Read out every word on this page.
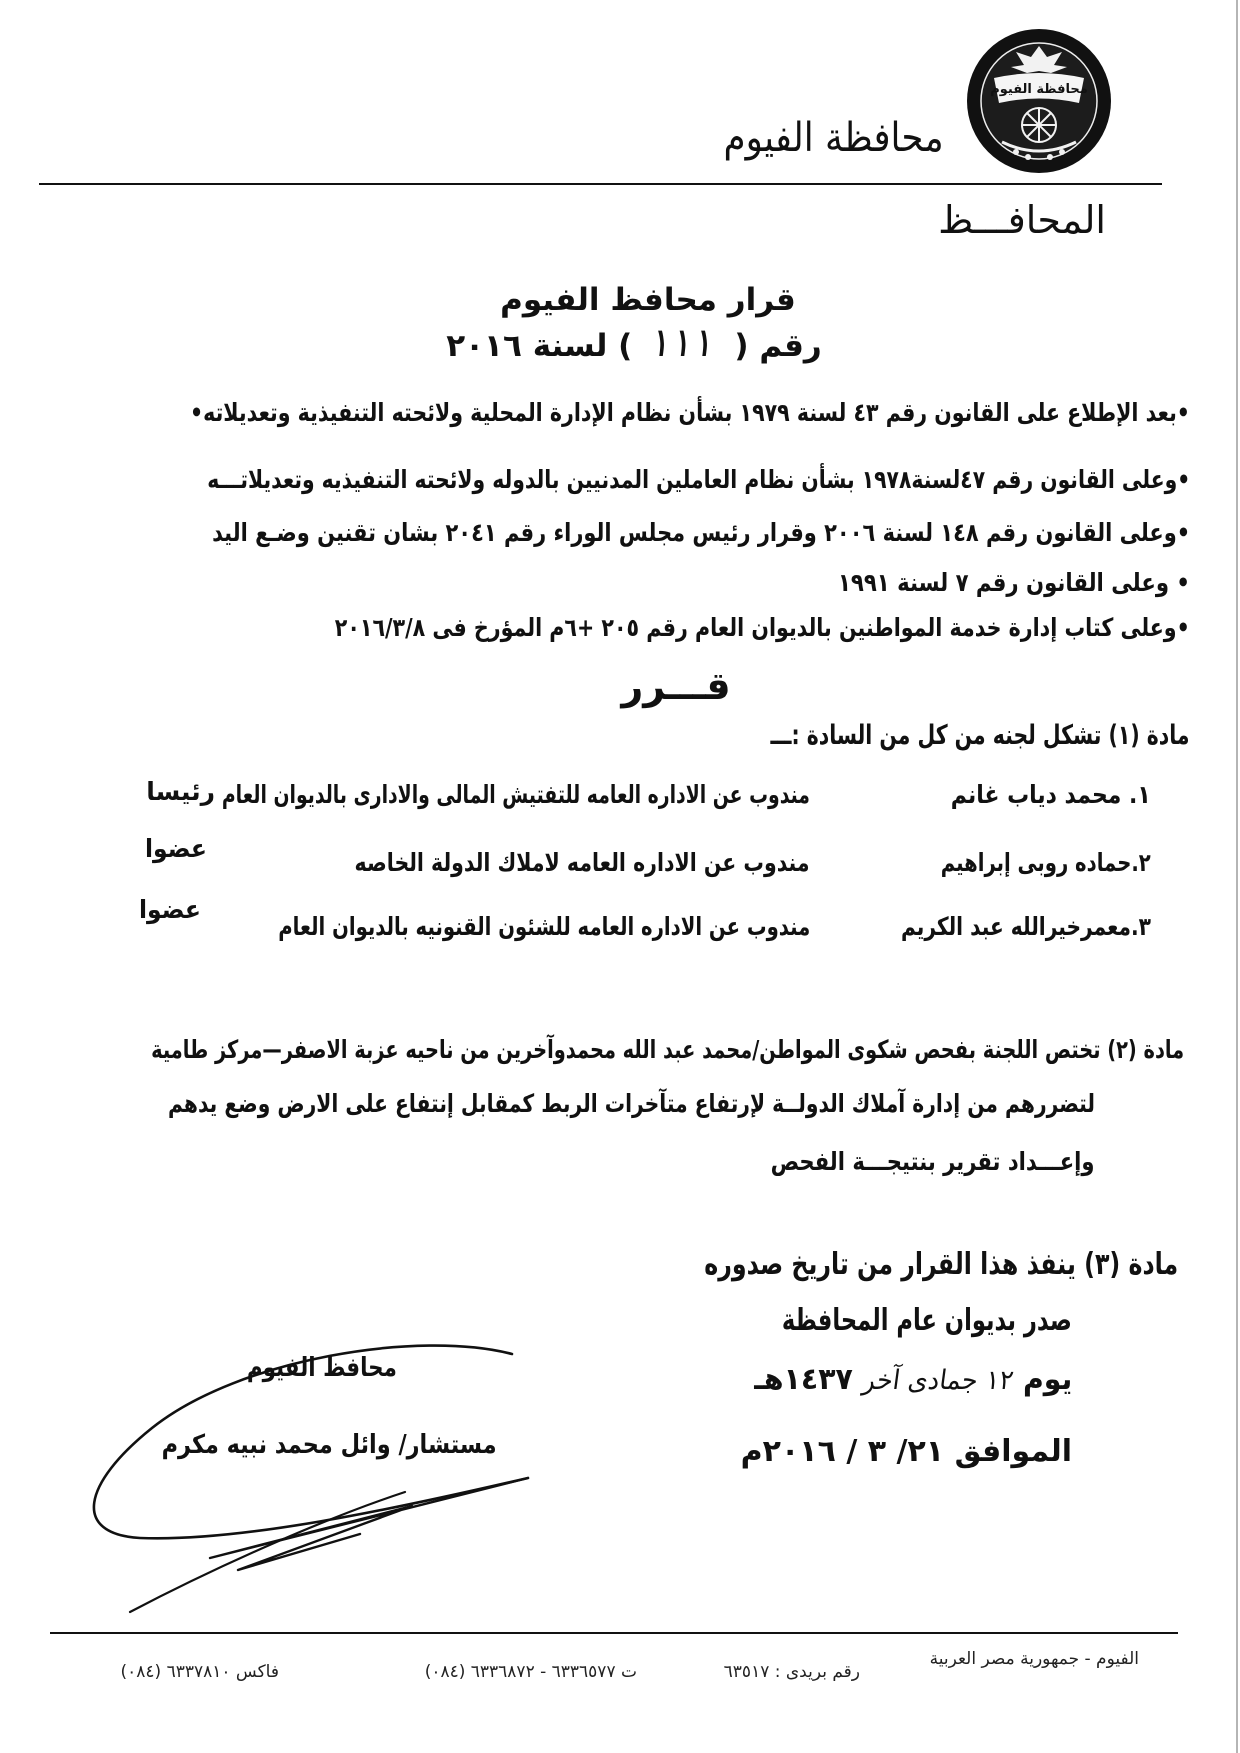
محافظة الفيوم
محافظة الفيوم
المحافـــظ
قرار محافظ الفيوم
رقم ( ١١١ ) لسنة ٢٠١٦
•بعد الإطلاع على القانون رقم ٤٣ لسنة ١٩٧٩ بشأن نظام الإدارة المحلية ولائحته التنفيذية وتعديلاته•
•وعلى القانون رقم ٤٧لسنة١٩٧٨ بشأن نظام العاملين المدنيين بالدوله ولائحته التنفيذيه وتعديلاتـــه
•وعلى القانون رقم ١٤٨ لسنة ٢٠٠٦ وقرار رئيس مجلس الوراء رقم ٢٠٤١ بشان تقنين وضـع اليد
• وعلى القانون رقم ٧ لسنة ١٩٩١
•وعلى كتاب إدارة خدمة المواطنين بالديوان العام رقم ٢٠٥ +٦م المؤرخ فى ٢٠١٦/٣/٨
قـــرر
مادة (١) تشكل لجنه من كل من السادة :ـــ
١. محمد دياب غانم
مندوب عن الاداره العامه للتفتيش المالى والادارى بالديوان العام
رئيسا
٢.حماده روبى إبراهيم
مندوب عن الاداره العامه لاملاك الدولة الخاصه
عضوا
٣.معمرخيرالله عبد الكريم
مندوب عن الاداره العامه للشئون القنونيه بالديوان العام
عضوا
مادة (٢) تختص اللجنة بفحص شكوى المواطن/محمد عبد الله محمدوآخرين من ناحيه عزبة الاصفر—مركز طامية
لتضررهم من إدارة آملاك الدولــة لإرتفاع متآخرات الربط كمقابل إنتفاع على الارض وضع يدهم
وإعـــداد تقرير بنتيجـــة الفحص
مادة (٣) ينفذ هذا القرار من تاريخ صدوره
صدر بديوان عام المحافظة
يوم ١٢ جمادى آخر ١٤٣٧هـ
الموافق ٢١/ ٣ / ٢٠١٦م
محافظ الفيوم
مستشار/ وائل محمد نبيه مكرم
الفيوم - جمهورية مصر العربية
رقم بريدى : ٦٣٥١٧
ت ٦٣٣٦٥٧٧ - ٦٣٣٦٨٧٢ (٠٨٤)
فاكس ٦٣٣٧٨١٠ (٠٨٤)
